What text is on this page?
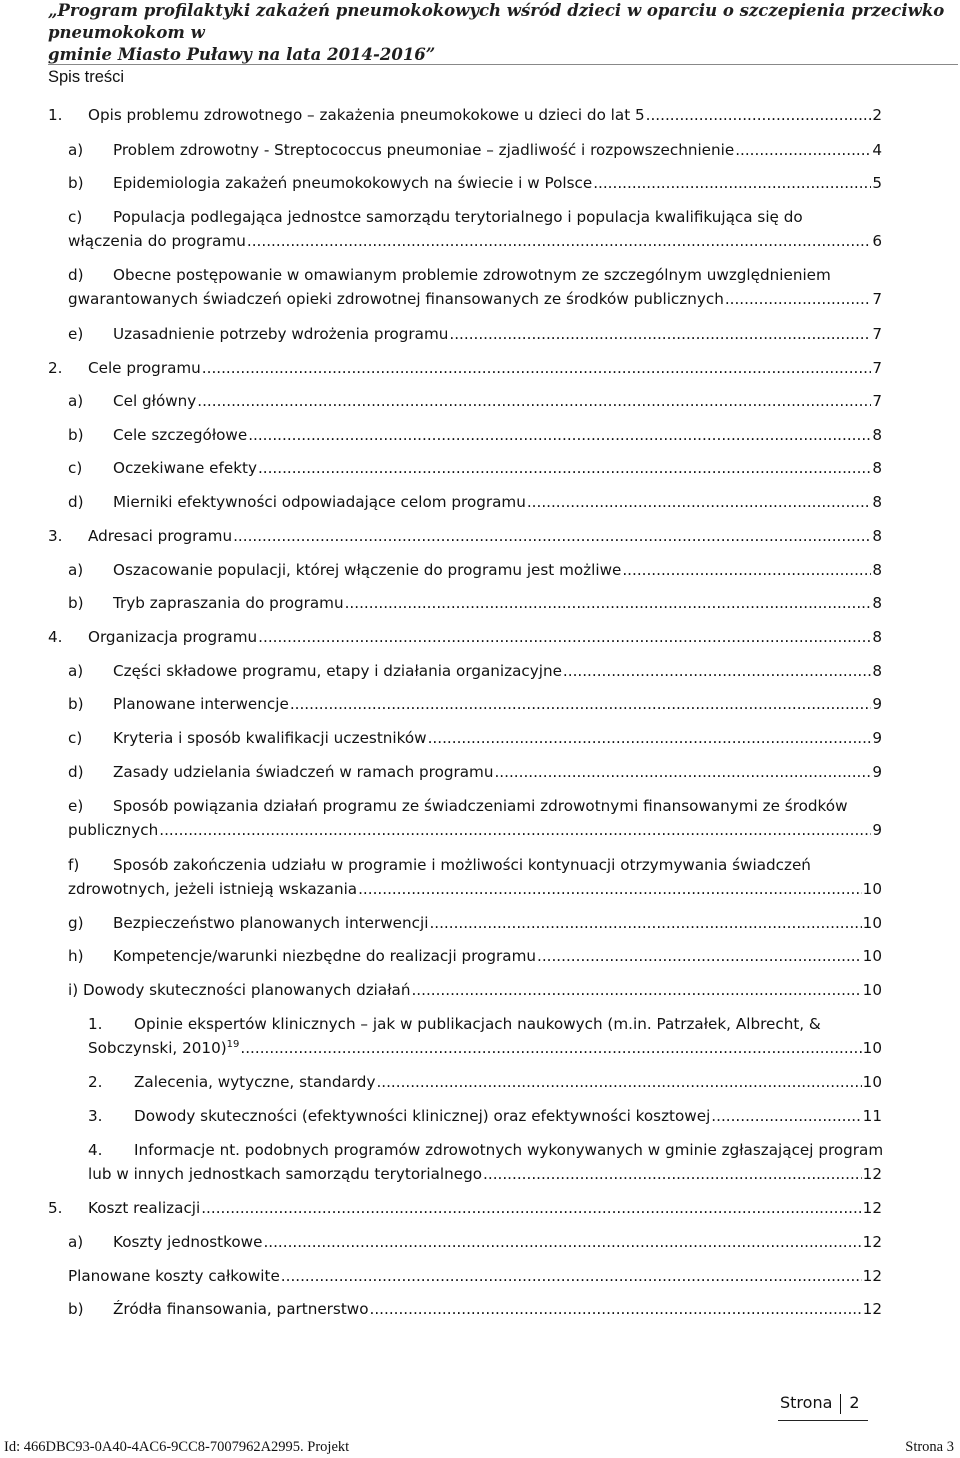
„Program profilaktyki zakażeń pneumokokowych wśród dzieci w oparciu o szczepienia przeciwko pneumokokom w
gminie Miasto Puławy na lata 2014-2016”
Spis treści
1. Opis problemu zdrowotnego – zakażenia pneumokokowe u dzieci do lat 5 .....	2
a) Problem zdrowotny - Streptococcus pneumoniae – zjadliwość i rozpowszechnienie .....	4
b) Epidemiologia zakażeń pneumokokowych na świecie i w Polsce .....	5
c) Populacja podlegająca jednostce samorządu terytorialnego i populacja kwalifikująca się do
włączenia do programu .....	6
d) Obecne postępowanie w omawianym problemie zdrowotnym ze szczególnym uwzględnieniem
gwarantowanych świadczeń opieki zdrowotnej finansowanych ze środków publicznych .....	7
e) Uzasadnienie potrzeby wdrożenia programu .....	7
2. Cele programu .....	7
a) Cel główny .....	7
b) Cele szczegółowe .....	8
c) Oczekiwane efekty .....	8
d) Mierniki efektywności odpowiadające celom programu .....	8
3. Adresaci programu .....	8
a) Oszacowanie populacji, której włączenie do programu jest możliwe .....	8
b) Tryb zapraszania do programu .....	8
4. Organizacja programu .....	8
a) Części składowe programu, etapy i działania organizacyjne .....	8
b) Planowane interwencje .....	9
c) Kryteria i sposób kwalifikacji uczestników .....	9
d) Zasady udzielania świadczeń w ramach programu .....	9
e) Sposób powiązania działań programu ze świadczeniami zdrowotnymi finansowanymi ze środków
publicznych .....	9
f) Sposób zakończenia udziału w programie i możliwości kontynuacji otrzymywania świadczeń
zdrowotnych, jeżeli istnieją wskazania .....	10
g) Bezpieczeństwo planowanych interwencji .....	10
h) Kompetencje/warunki niezbędne do realizacji programu .....	10
i) Dowody skuteczności planowanych działań .....	10
1. Opinie ekspertów klinicznych – jak w publikacjach naukowych (m.in. Patrzałek, Albrecht, &
Sobczynski, 2010)$^{19}$ .....	10
2. Zalecenia, wytyczne, standardy .....	10
3. Dowody skuteczności (efektywności klinicznej) oraz efektywności kosztowej .....	11
4. Informacje nt. podobnych programów zdrowotnych wykonywanych w gminie zgłaszającej program
lub w innych jednostkach samorządu terytorialnego .....	12
5. Koszt realizacji .....	12
a) Koszty jednostkowe .....	12
Planowane koszty całkowite .....	12
b) Źródła finansowania, partnerstwo .....	12
Strona 2
Id: 466DBC93-0A40-4AC6-9CC8-7007962A2995. Projekt	Strona 3
